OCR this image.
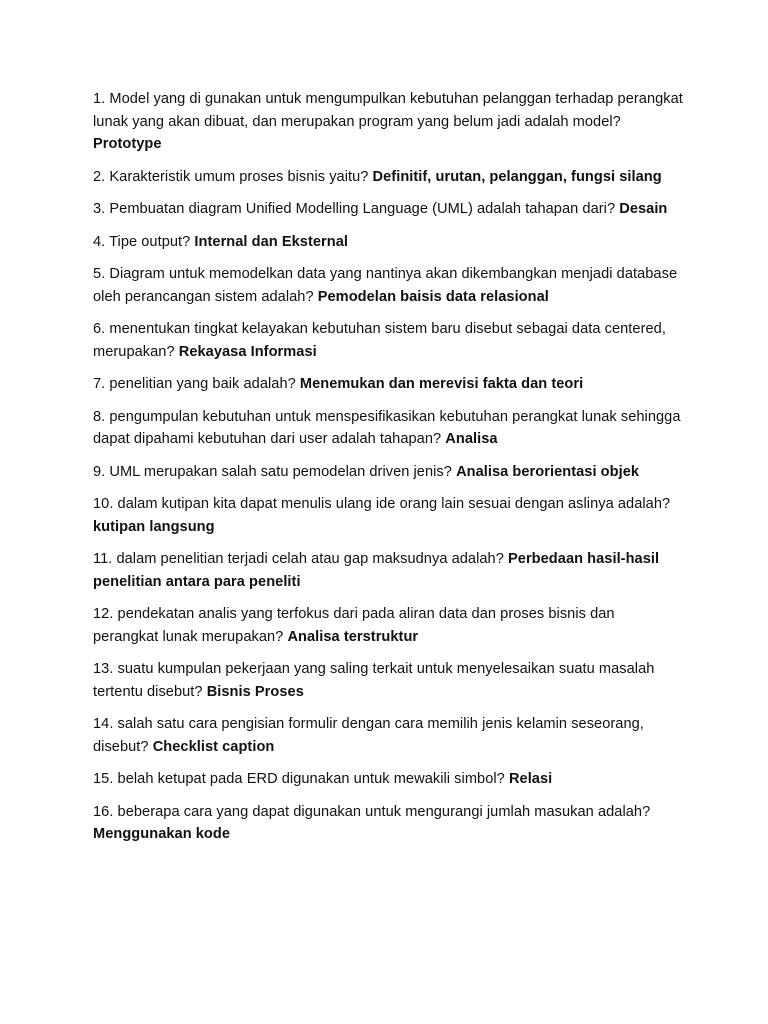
1. Model yang di gunakan untuk mengumpulkan kebutuhan pelanggan terhadap perangkat lunak yang akan dibuat, dan merupakan program yang belum jadi adalah model? Prototype

2. Karakteristik umum proses bisnis yaitu? Definitif, urutan, pelanggan, fungsi silang

3. Pembuatan diagram Unified Modelling Language (UML) adalah tahapan dari? Desain

4. Tipe output? Internal dan Eksternal

5. Diagram untuk memodelkan data yang nantinya akan dikembangkan menjadi database oleh perancangan sistem adalah? Pemodelan baisis data relasional

6. menentukan tingkat kelayakan kebutuhan sistem baru disebut sebagai data centered, merupakan? Rekayasa Informasi

7. penelitian yang baik adalah? Menemukan dan merevisi fakta dan teori

8. pengumpulan kebutuhan untuk menspesifikasikan kebutuhan perangkat lunak sehingga dapat dipahami kebutuhan dari user adalah tahapan? Analisa

9. UML merupakan salah satu pemodelan driven jenis? Analisa berorientasi objek

10. dalam kutipan kita dapat menulis ulang ide orang lain sesuai dengan aslinya adalah? kutipan langsung

11. dalam penelitian terjadi celah atau gap maksudnya adalah? Perbedaan hasil-hasil penelitian antara para peneliti

12. pendekatan analis yang terfokus dari pada aliran data dan proses bisnis dan perangkat lunak merupakan? Analisa terstruktur

13. suatu kumpulan pekerjaan yang saling terkait untuk menyelesaikan suatu masalah tertentu disebut? Bisnis Proses

14. salah satu cara pengisian formulir dengan cara memilih jenis kelamin seseorang, disebut? Checklist caption

15. belah ketupat pada ERD digunakan untuk mewakili simbol? Relasi

16. beberapa cara yang dapat digunakan untuk mengurangi jumlah masukan adalah? Menggunakan kode
